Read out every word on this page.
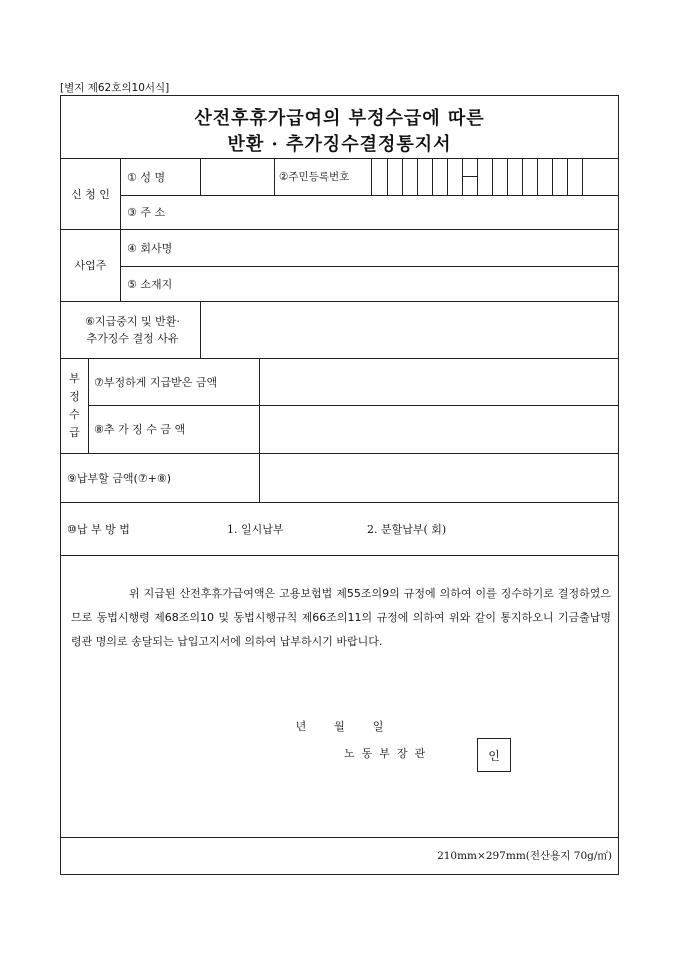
[별지 제62호의10서식]
산전후휴가급여의 부정수급에 따른
반환 · 추가징수결정통지서
신 청 인
① 성 명	②주민등록번호
③ 주 소
사업주
④ 회사명
⑤ 소재지
⑥지급중지 및 반환·
추가징수 결정 사유
부
정
수
급
⑦부정하게 지급받은 금액
⑧추 가 징 수 금 액
⑨납부할 금액(⑦+⑧)
⑩납 부 방 법	1. 일시납부	2. 분할납부( 회)
위 지급된 산전후휴가급여액은 고용보험법 제55조의9의 규정에 의하여 이를 징수하기로 결정하였으므로 동법시행령 제68조의10 및 동법시행규칙 제66조의11의 규정에 의하여 위와 같이 통지하오니 기금출납명령관 명의로 송달되는 납입고지서에 의하여 납부하시기 바랍니다.
년        월        일
노  동  부  장  관	인
210mm×297mm(전산용지 70g/㎡)
